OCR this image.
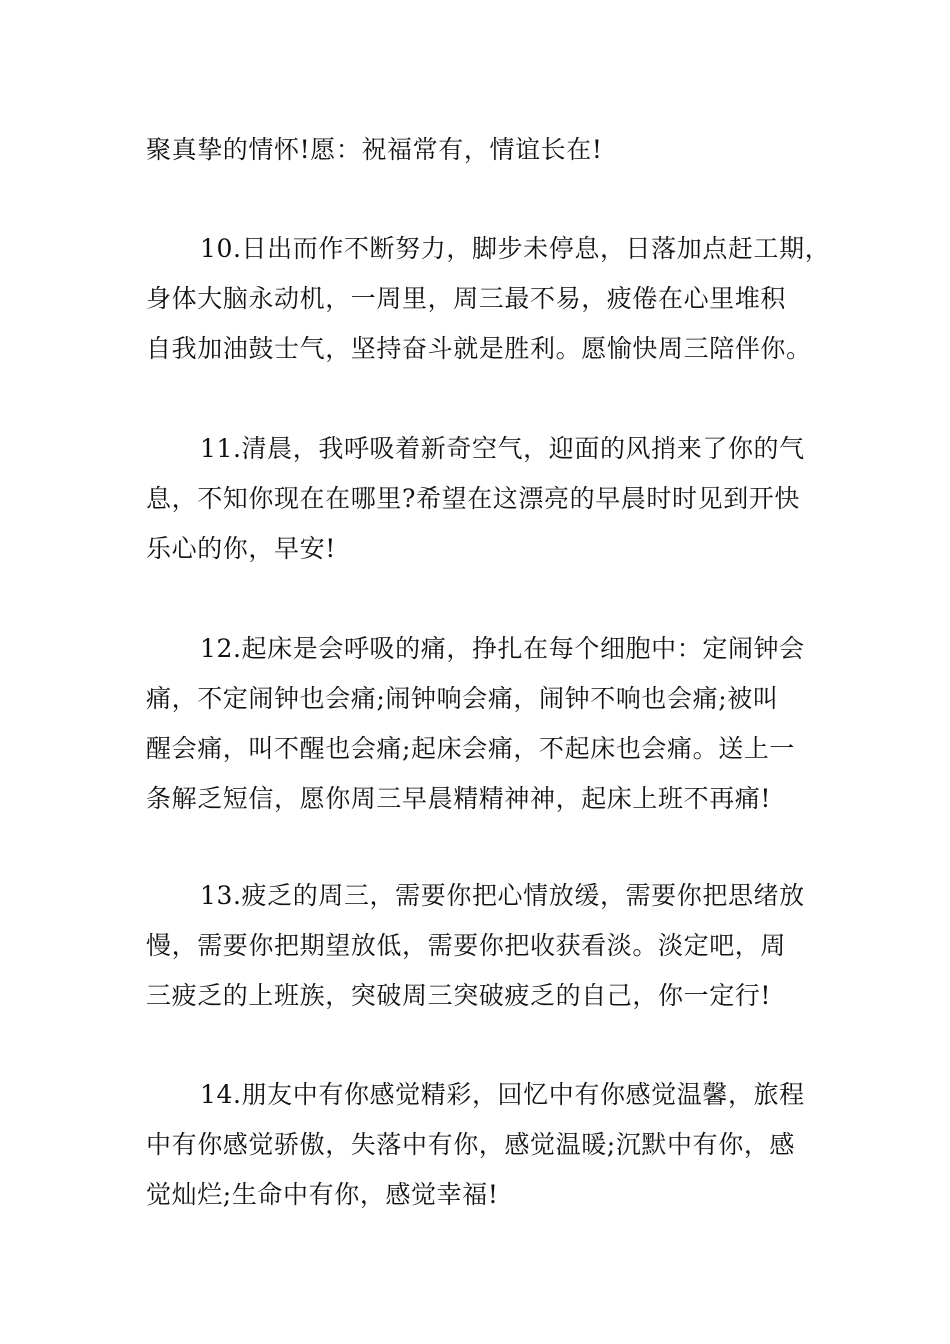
聚真挚的情怀!愿：祝福常有，情谊长在!
10.日出而作不断努力，脚步未停息，日落加点赶工期，
身体大脑永动机，一周里，周三最不易，疲倦在心里堆积
自我加油鼓士气，坚持奋斗就是胜利。愿愉快周三陪伴你。
11.清晨，我呼吸着新奇空气，迎面的风捎来了你的气
息，不知你现在在哪里?希望在这漂亮的早晨时时见到开快
乐心的你，早安!
12.起床是会呼吸的痛，挣扎在每个细胞中：定闹钟会
痛，不定闹钟也会痛;闹钟响会痛，闹钟不响也会痛;被叫
醒会痛，叫不醒也会痛;起床会痛，不起床也会痛。送上一
条解乏短信，愿你周三早晨精精神神，起床上班不再痛!
13.疲乏的周三，需要你把心情放缓，需要你把思绪放
慢，需要你把期望放低，需要你把收获看淡。淡定吧，周
三疲乏的上班族，突破周三突破疲乏的自己，你一定行!
14.朋友中有你感觉精彩，回忆中有你感觉温馨，旅程
中有你感觉骄傲，失落中有你，感觉温暖;沉默中有你，感
觉灿烂;生命中有你，感觉幸福!
